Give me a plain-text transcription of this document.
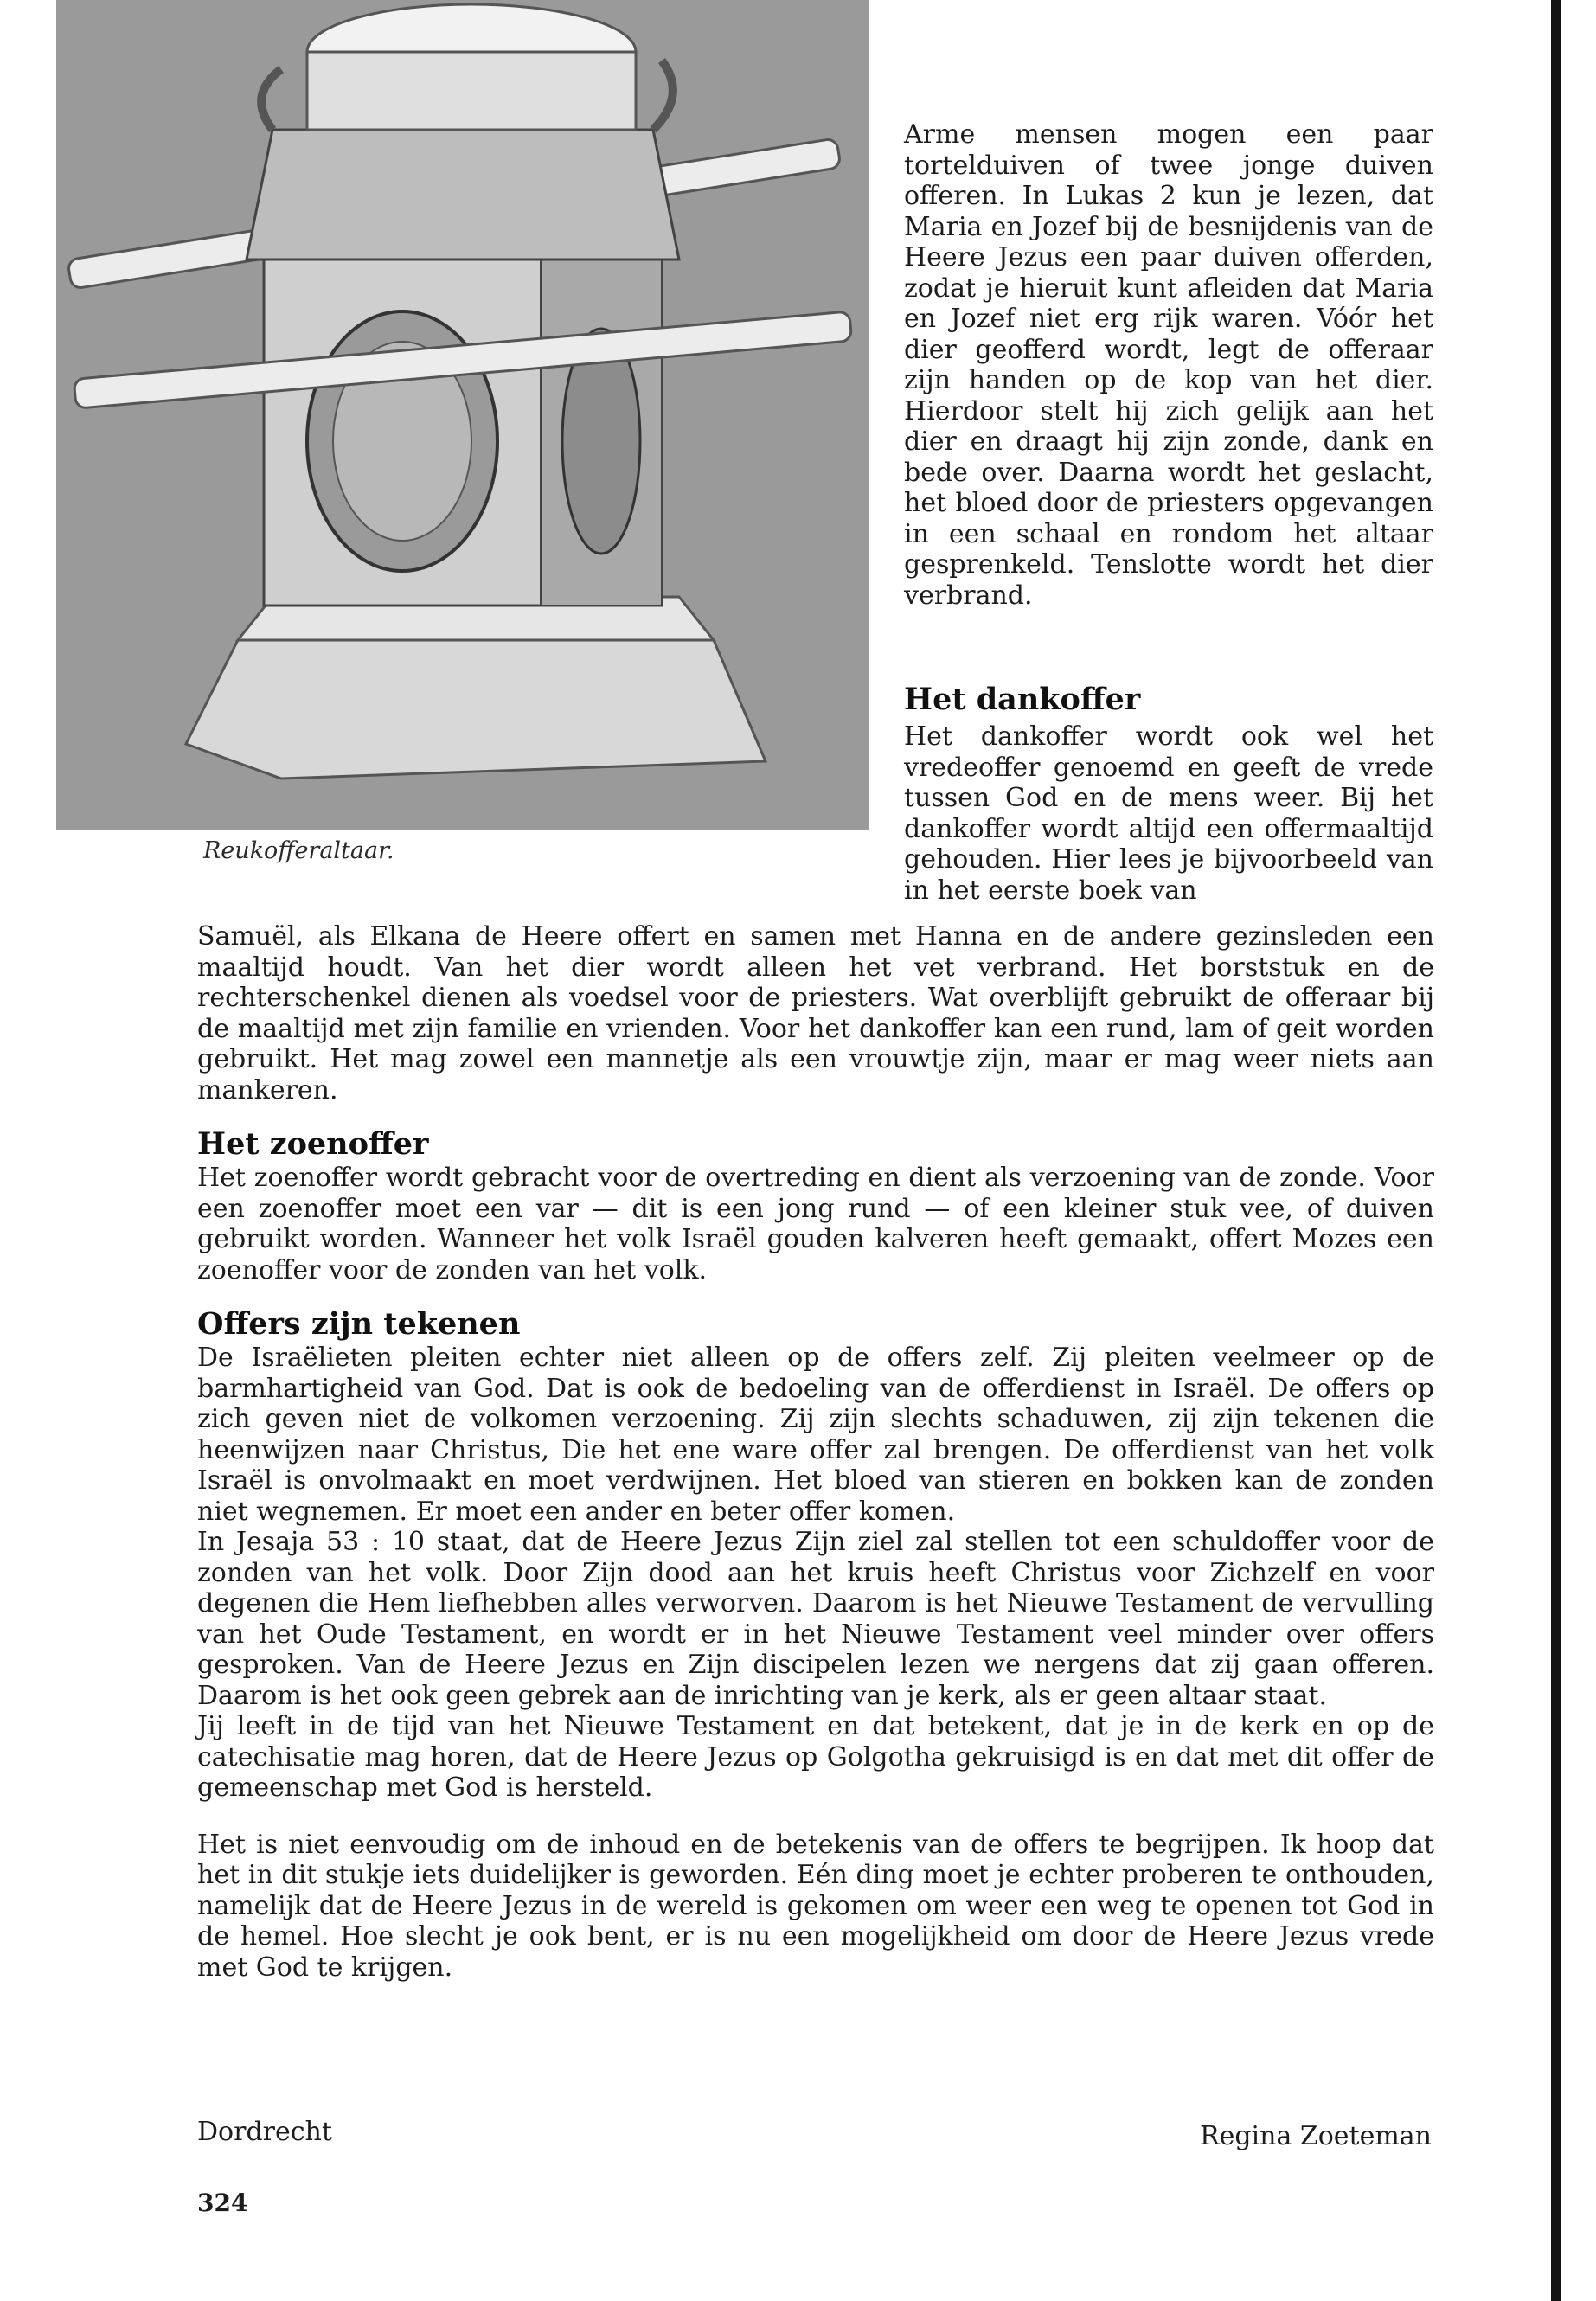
Reukofferaltaar.

Arme mensen mogen een paar tortelduiven of twee jonge duiven offeren. In Lukas 2 kun je lezen, dat Maria en Jozef bij de besnijdenis van de Heere Jezus een paar duiven offerden, zodat je hieruit kunt afleiden dat Maria en Jozef niet erg rijk waren. Vóór het dier geofferd wordt, legt de offeraar zijn handen op de kop van het dier. Hierdoor stelt hij zich gelijk aan het dier en draagt hij zijn zonde, dank en bede over. Daarna wordt het geslacht, het bloed door de priesters opgevangen in een schaal en rondom het altaar gesprenkeld. Tenslotte wordt het dier verbrand.

Het dankoffer

Het dankoffer wordt ook wel het vredeoffer genoemd en geeft de vrede tussen God en de mens weer. Bij het dankoffer wordt altijd een offermaaltijd gehouden. Hier lees je bijvoorbeeld van in het eerste boek van

Samuël, als Elkana de Heere offert en samen met Hanna en de andere gezinsleden een maaltijd houdt. Van het dier wordt alleen het vet verbrand. Het borststuk en de rechterschenkel dienen als voedsel voor de priesters. Wat overblijft gebruikt de offeraar bij de maaltijd met zijn familie en vrienden. Voor het dankoffer kan een rund, lam of geit worden gebruikt. Het mag zowel een mannetje als een vrouwtje zijn, maar er mag weer niets aan mankeren.

Het zoenoffer

Het zoenoffer wordt gebracht voor de overtreding en dient als verzoening van de zonde. Voor een zoenoffer moet een var — dit is een jong rund — of een kleiner stuk vee, of duiven gebruikt worden. Wanneer het volk Israël gouden kalveren heeft gemaakt, offert Mozes een zoenoffer voor de zonden van het volk.

Offers zijn tekenen

De Israëlieten pleiten echter niet alleen op de offers zelf. Zij pleiten veelmeer op de barmhartigheid van God. Dat is ook de bedoeling van de offerdienst in Israël. De offers op zich geven niet de volkomen verzoening. Zij zijn slechts schaduwen, zij zijn tekenen die heenwijzen naar Christus, Die het ene ware offer zal brengen. De offerdienst van het volk Israël is onvolmaakt en moet verdwijnen. Het bloed van stieren en bokken kan de zonden niet wegnemen. Er moet een ander en beter offer komen.

In Jesaja 53 : 10 staat, dat de Heere Jezus Zijn ziel zal stellen tot een schuldoffer voor de zonden van het volk. Door Zijn dood aan het kruis heeft Christus voor Zichzelf en voor degenen die Hem liefhebben alles verworven. Daarom is het Nieuwe Testament de vervulling van het Oude Testament, en wordt er in het Nieuwe Testament veel minder over offers gesproken. Van de Heere Jezus en Zijn discipelen lezen we nergens dat zij gaan offeren. Daarom is het ook geen gebrek aan de inrichting van je kerk, als er geen altaar staat.

Jij leeft in de tijd van het Nieuwe Testament en dat betekent, dat je in de kerk en op de catechisatie mag horen, dat de Heere Jezus op Golgotha gekruisigd is en dat met dit offer de gemeenschap met God is hersteld.

Het is niet eenvoudig om de inhoud en de betekenis van de offers te begrijpen. Ik hoop dat het in dit stukje iets duidelijker is geworden. Eén ding moet je echter proberen te onthouden, namelijk dat de Heere Jezus in de wereld is gekomen om weer een weg te openen tot God in de hemel. Hoe slecht je ook bent, er is nu een mogelijkheid om door de Heere Jezus vrede met God te krijgen.

Dordrecht	Regina Zoeteman
324
